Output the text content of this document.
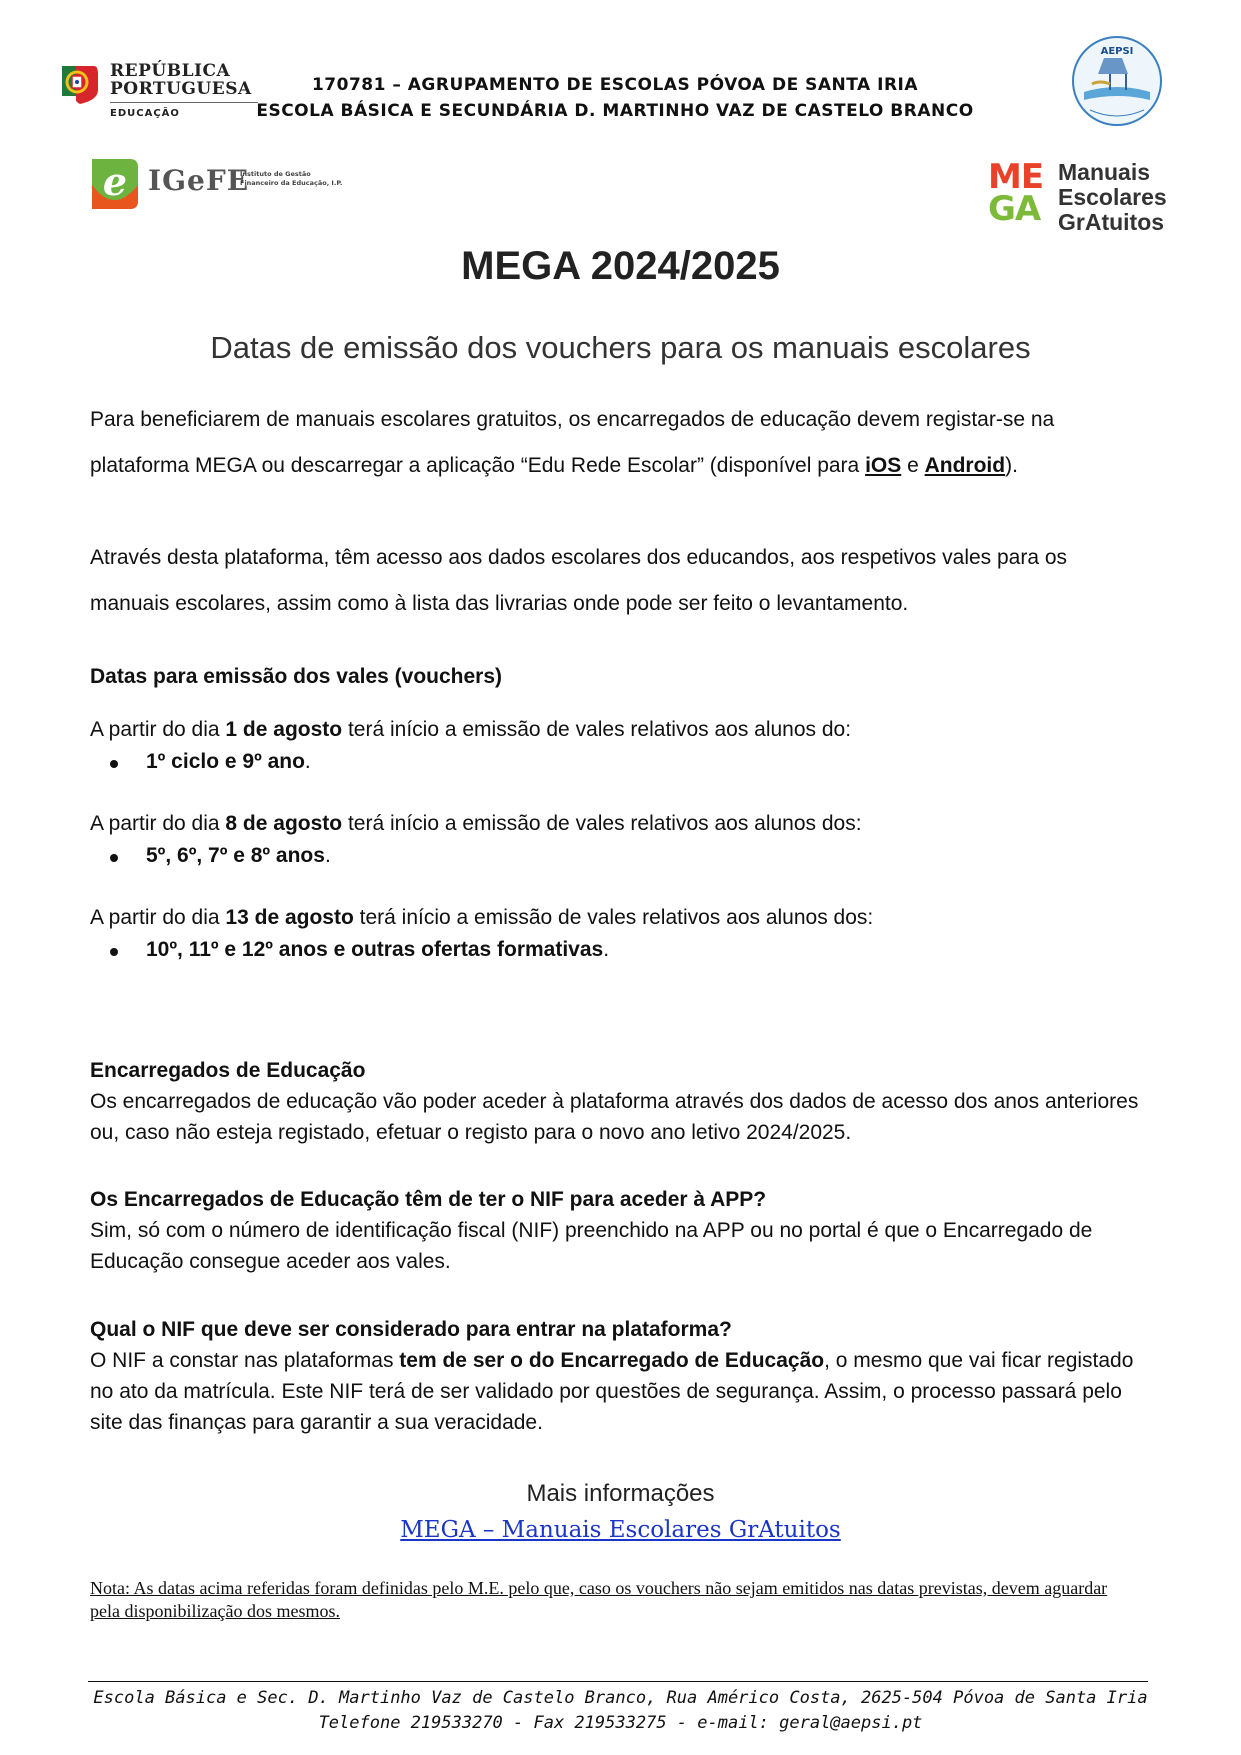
REPÚBLICA
PORTUGUESA
EDUCAÇÃO
170781 – AGRUPAMENTO DE ESCOLAS PÓVOA DE SANTA IRIA
ESCOLA BÁSICA E SECUNDÁRIA D. MARTINHO VAZ DE CASTELO BRANCO
AEPSI
e IGeFE
Instituto de Gestão
Financeiro da Educação, I.P.	ME
GA
Manuais
Escolares
GrAtuitos
MEGA 2024/2025
Datas de emissão dos vouchers para os manuais escolares
Para beneficiarem de manuais escolares gratuitos, os encarregados de educação devem registar-se na plataforma MEGA ou descarregar a aplicação “Edu Rede Escolar” (disponível para iOS e Android).
Através desta plataforma, têm acesso aos dados escolares dos educandos, aos respetivos vales para os manuais escolares, assim como à lista das livrarias onde pode ser feito o levantamento.
Datas para emissão dos vales (vouchers)
A partir do dia 1 de agosto terá início a emissão de vales relativos aos alunos do:
1º ciclo e 9º ano.
A partir do dia 8 de agosto terá início a emissão de vales relativos aos alunos dos:
5º, 6º, 7º e 8º anos.
A partir do dia 13 de agosto terá início a emissão de vales relativos aos alunos dos:
10º, 11º e 12º anos e outras ofertas formativas.
Encarregados de Educação
Os encarregados de educação vão poder aceder à plataforma através dos dados de acesso dos anos anteriores ou, caso não esteja registado, efetuar o registo para o novo ano letivo 2024/2025.
Os Encarregados de Educação têm de ter o NIF para aceder à APP?
Sim, só com o número de identificação fiscal (NIF) preenchido na APP ou no portal é que o Encarregado de Educação consegue aceder aos vales.
Qual o NIF que deve ser considerado para entrar na plataforma?
O NIF a constar nas plataformas tem de ser o do Encarregado de Educação, o mesmo que vai ficar registado no ato da matrícula. Este NIF terá de ser validado por questões de segurança. Assim, o processo passará pelo site das finanças para garantir a sua veracidade.
Mais informações
MEGA – Manuais Escolares GrAtuitos
Nota: As datas acima referidas foram definidas pelo M.E. pelo que, caso os vouchers não sejam emitidos nas datas previstas, devem aguardar pela disponibilização dos mesmos.
Escola Básica e Sec. D. Martinho Vaz de Castelo Branco, Rua Américo Costa, 2625-504 Póvoa de Santa Iria
Telefone 219533270 - Fax 219533275 - e-mail: geral@aepsi.pt
